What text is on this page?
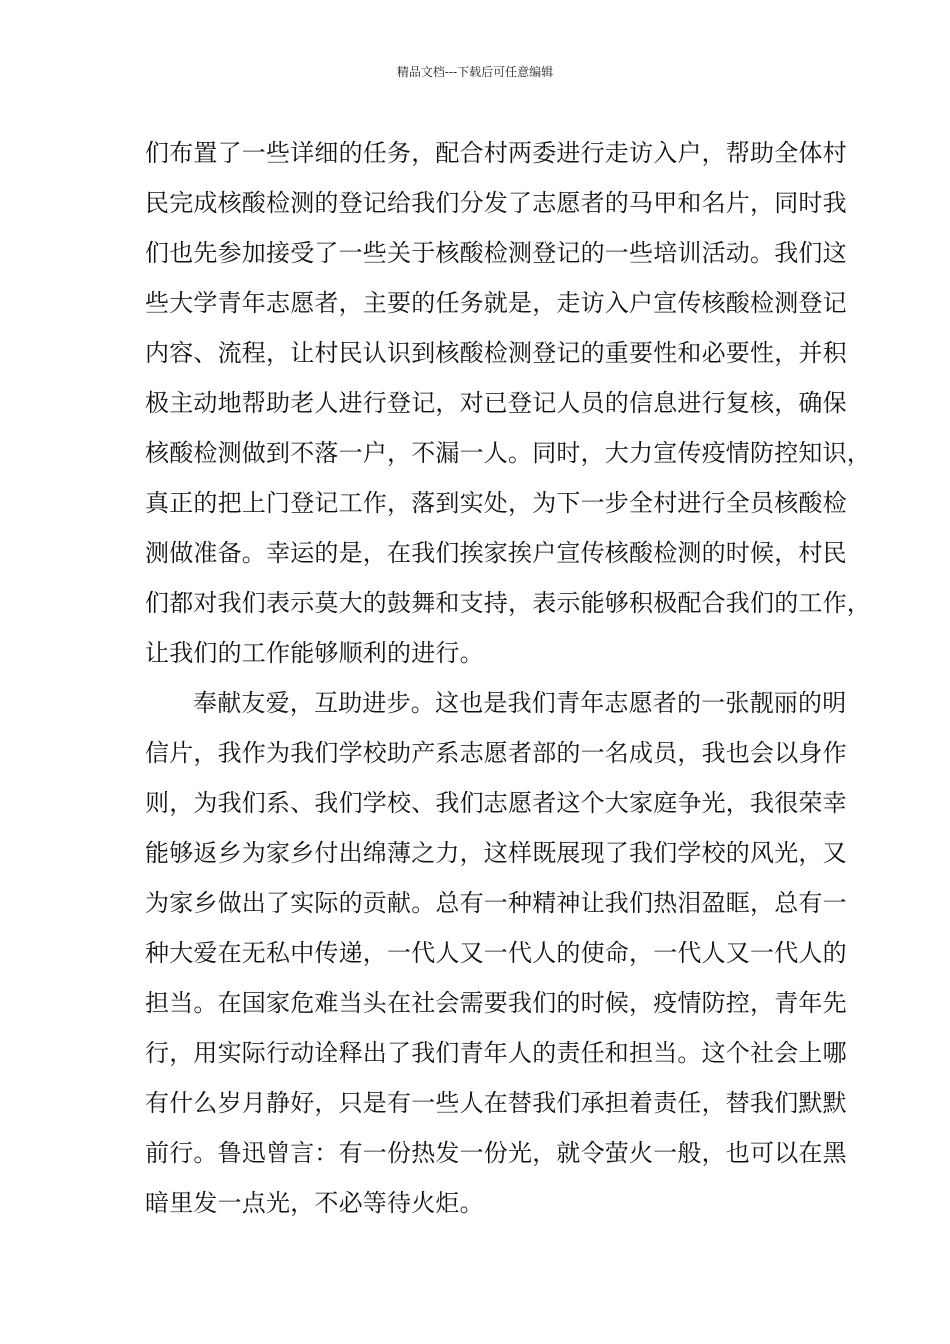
精品文档---下载后可任意编辑
们布置了一些详细的任务，配合村两委进行走访入户，帮助全体村
民完成核酸检测的登记给我们分发了志愿者的马甲和名片，同时我
们也先参加接受了一些关于核酸检测登记的一些培训活动。我们这
些大学青年志愿者，主要的任务就是，走访入户宣传核酸检测登记
内容、流程，让村民认识到核酸检测登记的重要性和必要性，并积
极主动地帮助老人进行登记，对已登记人员的信息进行复核，确保
核酸检测做到不落一户，不漏一人。同时，大力宣传疫情防控知识，
真正的把上门登记工作，落到实处，为下一步全村进行全员核酸检
测做准备。幸运的是，在我们挨家挨户宣传核酸检测的时候，村民
们都对我们表示莫大的鼓舞和支持，表示能够积极配合我们的工作，
让我们的工作能够顺利的进行。
奉献友爱，互助进步。这也是我们青年志愿者的一张靓丽的明
信片，我作为我们学校助产系志愿者部的一名成员，我也会以身作
则，为我们系、我们学校、我们志愿者这个大家庭争光，我很荣幸
能够返乡为家乡付出绵薄之力，这样既展现了我们学校的风光，又
为家乡做出了实际的贡献。总有一种精神让我们热泪盈眶，总有一
种大爱在无私中传递，一代人又一代人的使命，一代人又一代人的
担当。在国家危难当头在社会需要我们的时候，疫情防控，青年先
行，用实际行动诠释出了我们青年人的责任和担当。这个社会上哪
有什么岁月静好，只是有一些人在替我们承担着责任，替我们默默
前行。鲁迅曾言：有一份热发一份光，就令萤火一般，也可以在黑
暗里发一点光，不必等待火炬。
